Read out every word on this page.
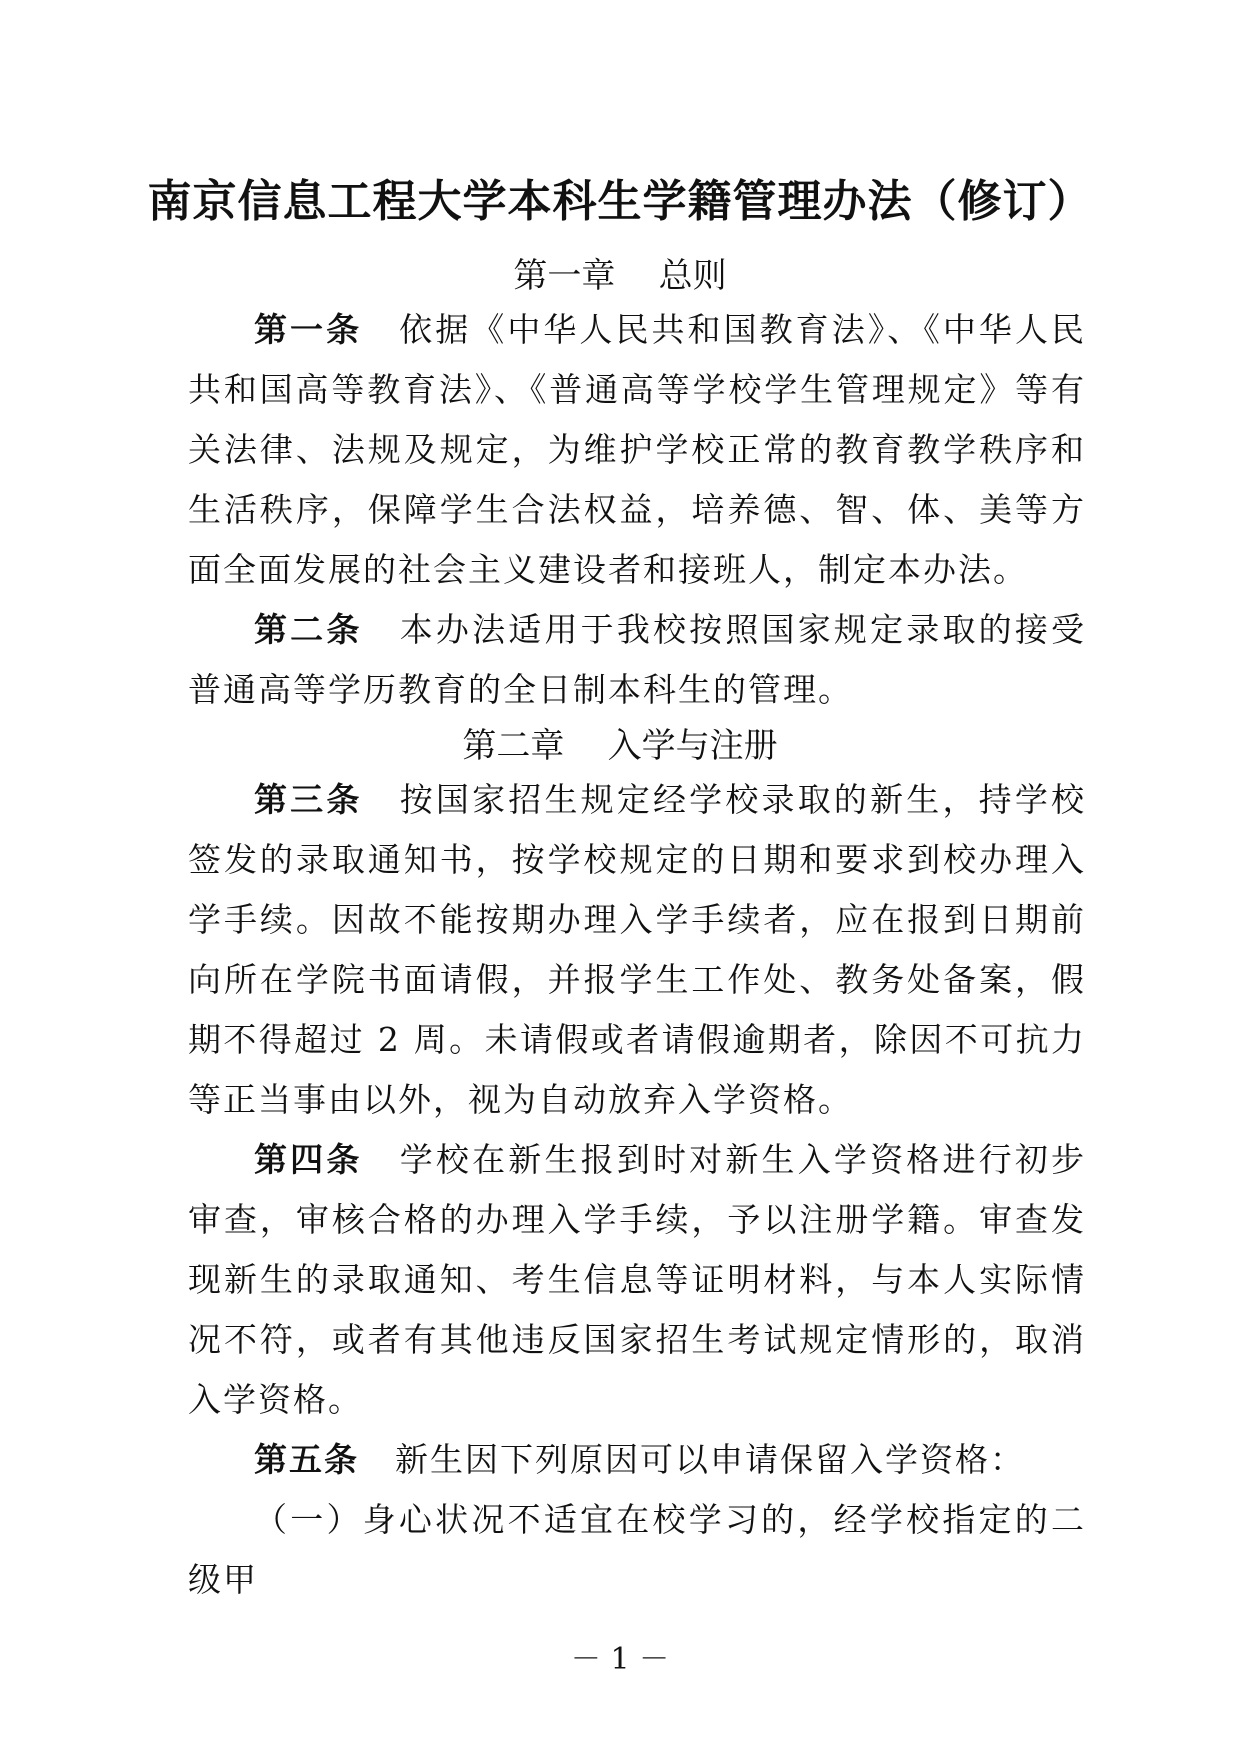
南京信息工程大学本科生学籍管理办法（修订）
第一章    总则

第一条 依据《中华人民共和国教育法》、《中华人民共和国高等教育法》、《普通高等学校学生管理规定》等有关法律、法规及规定，为维护学校正常的教育教学秩序和生活秩序，保障学生合法权益，培养德、智、体、美等方面全面发展的社会主义建设者和接班人，制定本办法。

第二条 本办法适用于我校按照国家规定录取的接受普通高等学历教育的全日制本科生的管理。

第二章    入学与注册

第三条 按国家招生规定经学校录取的新生，持学校签发的录取通知书，按学校规定的日期和要求到校办理入学手续。因故不能按期办理入学手续者，应在报到日期前向所在学院书面请假，并报学生工作处、教务处备案，假期不得超过 2 周。未请假或者请假逾期者，除因不可抗力等正当事由以外，视为自动放弃入学资格。

第四条 学校在新生报到时对新生入学资格进行初步审查，审核合格的办理入学手续，予以注册学籍。审查发现新生的录取通知、考生信息等证明材料，与本人实际情况不符，或者有其他违反国家招生考试规定情形的，取消入学资格。

第五条 新生因下列原因可以申请保留入学资格：

（一）身心状况不适宜在校学习的，经学校指定的二级甲

－ 1 －
